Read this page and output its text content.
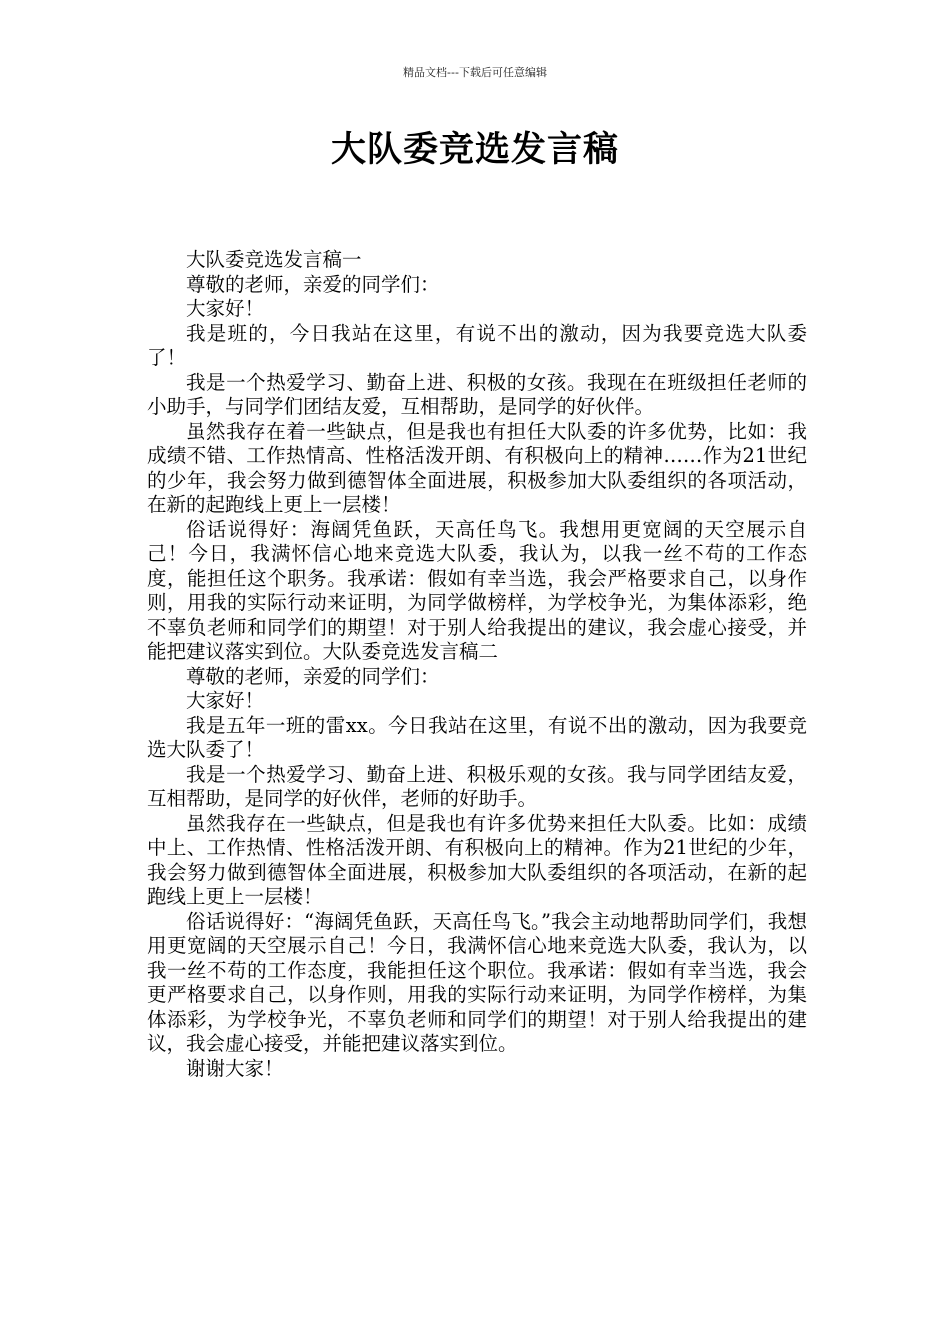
精品文档---下载后可任意编辑
大队委竞选发言稿

大队委竞选发言稿一

尊敬的老师，亲爱的同学们：

大家好！

我是班的，今日我站在这里，有说不出的激动，因为我要竞选大队委了！

我是一个热爱学习、勤奋上进、积极的女孩。我现在在班级担任老师的小助手，与同学们团结友爱，互相帮助，是同学的好伙伴。

虽然我存在着一些缺点，但是我也有担任大队委的许多优势，比如：我成绩不错、工作热情高、性格活泼开朗、有积极向上的精神……作为21世纪的少年，我会努力做到德智体全面进展，积极参加大队委组织的各项活动，在新的起跑线上更上一层楼！

俗话说得好：海阔凭鱼跃，天高任鸟飞。我想用更宽阔的天空展示自己！今日，我满怀信心地来竞选大队委，我认为，以我一丝不苟的工作态度，能担任这个职务。我承诺：假如有幸当选，我会严格要求自己，以身作则，用我的实际行动来证明，为同学做榜样，为学校争光，为集体添彩，绝不辜负老师和同学们的期望！对于别人给我提出的建议，我会虚心接受，并能把建议落实到位。大队委竞选发言稿二

尊敬的老师，亲爱的同学们：

大家好！

我是五年一班的雷xx。今日我站在这里，有说不出的激动，因为我要竞选大队委了！

我是一个热爱学习、勤奋上进、积极乐观的女孩。我与同学团结友爱，互相帮助，是同学的好伙伴，老师的好助手。

虽然我存在一些缺点，但是我也有许多优势来担任大队委。比如：成绩中上、工作热情、性格活泼开朗、有积极向上的精神。作为21世纪的少年，我会努力做到德智体全面进展，积极参加大队委组织的各项活动，在新的起跑线上更上一层楼！

俗话说得好：“海阔凭鱼跃，天高任鸟飞。”我会主动地帮助同学们，我想用更宽阔的天空展示自己！今日，我满怀信心地来竞选大队委，我认为，以我一丝不苟的工作态度，我能担任这个职位。我承诺：假如有幸当选，我会更严格要求自己，以身作则，用我的实际行动来证明，为同学作榜样，为集体添彩，为学校争光，不辜负老师和同学们的期望！对于别人给我提出的建议，我会虚心接受，并能把建议落实到位。

谢谢大家！
